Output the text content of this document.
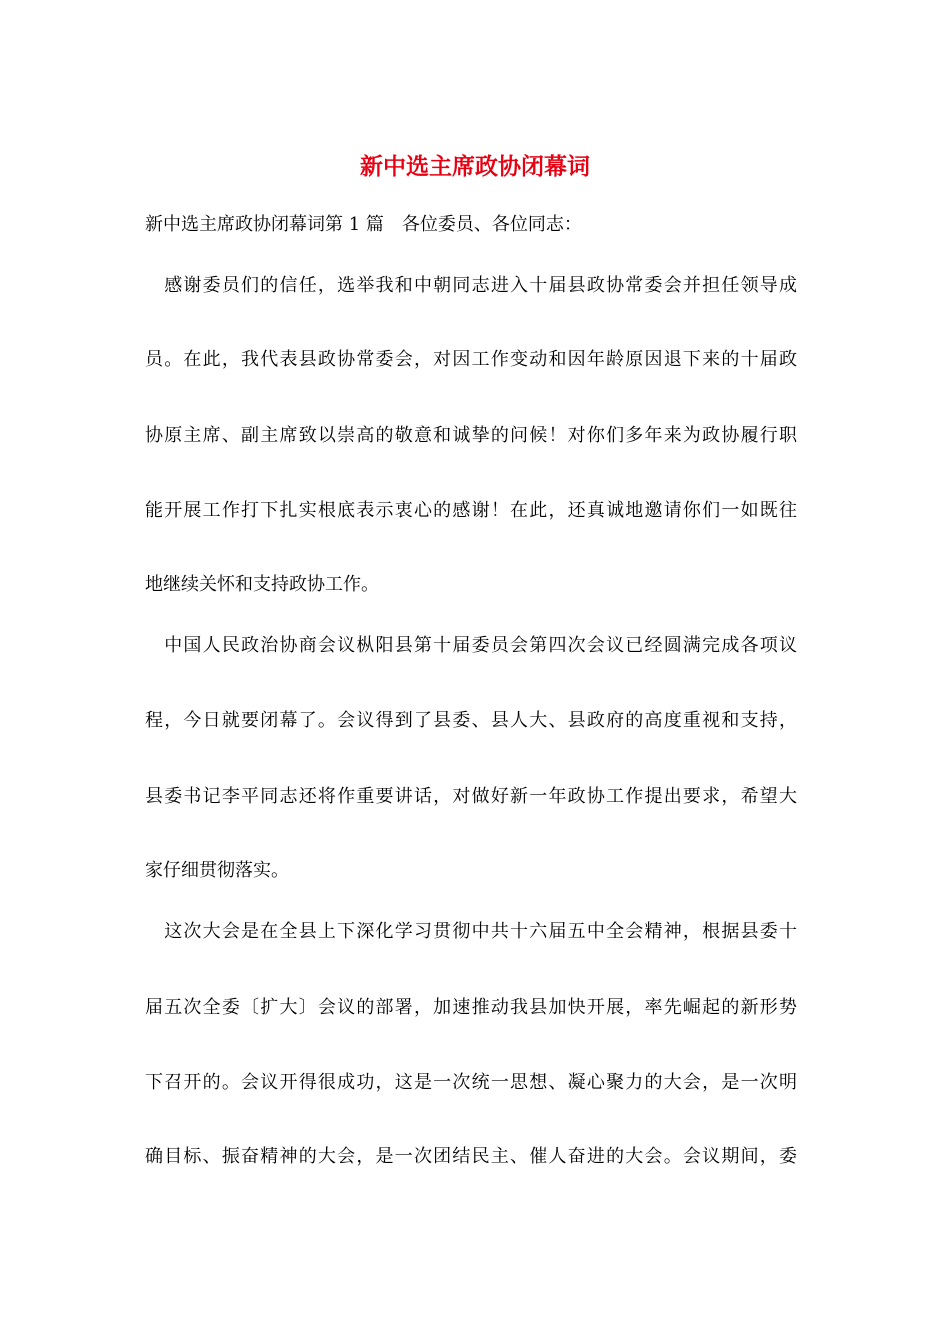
新中选主席政协闭幕词
新中选主席政协闭幕词第 1 篇　各位委员、各位同志：
　感谢委员们的信任，选举我和中朝同志进入十届县政协常委会并担任领导成
员。在此，我代表县政协常委会，对因工作变动和因年龄原因退下来的十届政
协原主席、副主席致以崇高的敬意和诚挚的问候！对你们多年来为政协履行职
能开展工作打下扎实根底表示衷心的感谢！在此，还真诚地邀请你们一如既往
地继续关怀和支持政协工作。
　中国人民政治协商会议枞阳县第十届委员会第四次会议已经圆满完成各项议
程，今日就要闭幕了。会议得到了县委、县人大、县政府的高度重视和支持，
县委书记李平同志还将作重要讲话，对做好新一年政协工作提出要求，希望大
家仔细贯彻落实。
　这次大会是在全县上下深化学习贯彻中共十六届五中全会精神，根据县委十
届五次全委〔扩大〕会议的部署，加速推动我县加快开展，率先崛起的新形势
下召开的。会议开得很成功，这是一次统一思想、凝心聚力的大会，是一次明
确目标、振奋精神的大会，是一次团结民主、催人奋进的大会。会议期间，委
